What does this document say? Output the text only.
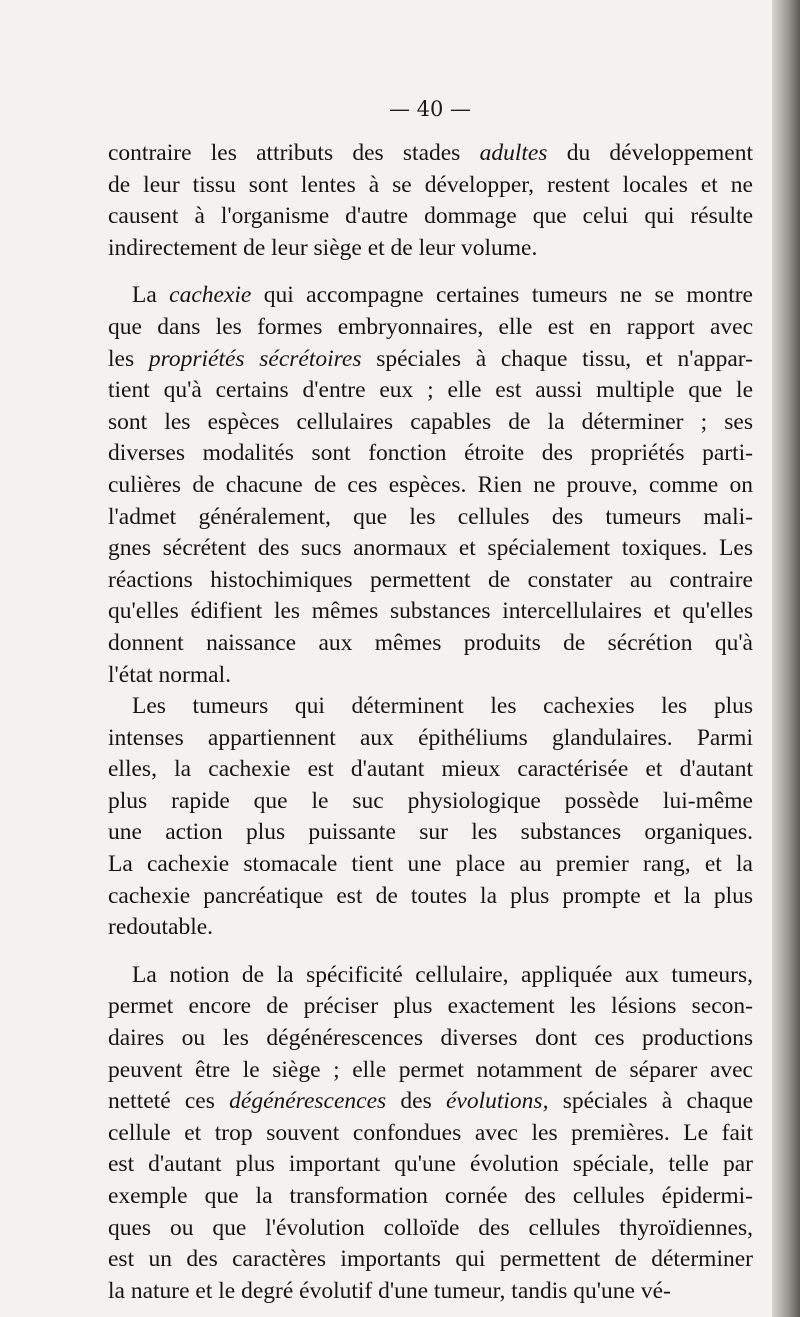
— 40 —
contraire les attributs des stades adultes du développement
de leur tissu sont lentes à se développer, restent locales et ne
causent à l'organisme d'autre dommage que celui qui résulte
indirectement de leur siège et de leur volume.
La cachexie qui accompagne certaines tumeurs ne se montre
que dans les formes embryonnaires, elle est en rapport avec
les propriétés sécrétoires spéciales à chaque tissu, et n'appar-
tient qu'à certains d'entre eux ; elle est aussi multiple que le
sont les espèces cellulaires capables de la déterminer ; ses
diverses modalités sont fonction étroite des propriétés parti-
culières de chacune de ces espèces. Rien ne prouve, comme on
l'admet généralement, que les cellules des tumeurs mali-
gnes sécrétent des sucs anormaux et spécialement toxiques. Les
réactions histochimiques permettent de constater au contraire
qu'elles édifient les mêmes substances intercellulaires et qu'elles
donnent naissance aux mêmes produits de sécrétion qu'à
l'état normal.
Les tumeurs qui déterminent les cachexies les plus
intenses appartiennent aux épithéliums glandulaires. Parmi
elles, la cachexie est d'autant mieux caractérisée et d'autant
plus rapide que le suc physiologique possède lui-même
une action plus puissante sur les substances organiques.
La cachexie stomacale tient une place au premier rang, et la
cachexie pancréatique est de toutes la plus prompte et la plus
redoutable.
La notion de la spécificité cellulaire, appliquée aux tumeurs,
permet encore de préciser plus exactement les lésions secon-
daires ou les dégénérescences diverses dont ces productions
peuvent être le siège ; elle permet notamment de séparer avec
netteté ces dégénérescences des évolutions, spéciales à chaque
cellule et trop souvent confondues avec les premières. Le fait
est d'autant plus important qu'une évolution spéciale, telle par
exemple que la transformation cornée des cellules épidermi-
ques ou que l'évolution colloïde des cellules thyroïdiennes,
est un des caractères importants qui permettent de déterminer
la nature et le degré évolutif d'une tumeur, tandis qu'une vé-
